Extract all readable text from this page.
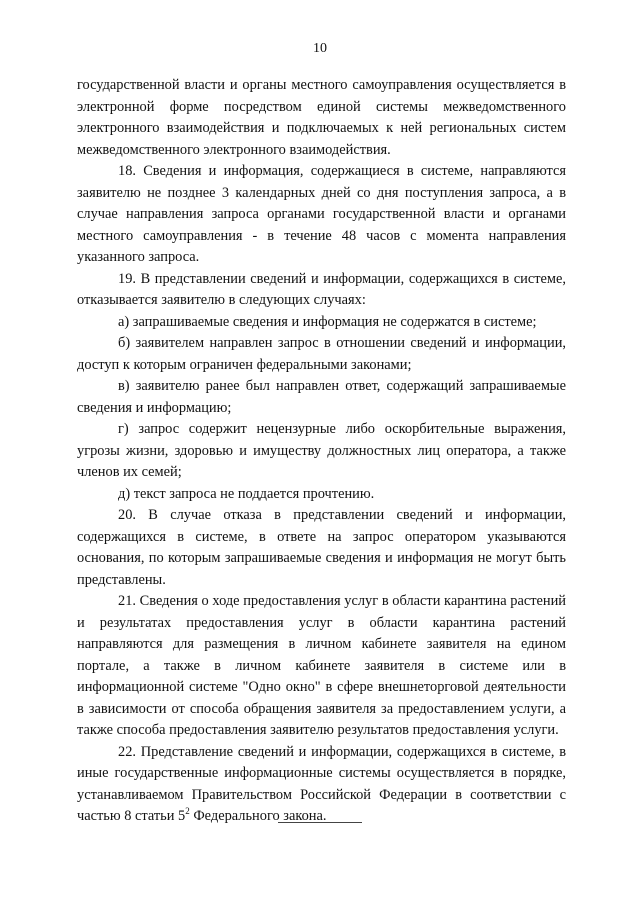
10

государственной власти и органы местного самоуправления осуществляется в электронной форме посредством единой системы межведомственного электронного взаимодействия и подключаемых к ней региональных систем межведомственного электронного взаимодействия.

18. Сведения и информация, содержащиеся в системе, направляются заявителю не позднее 3 календарных дней со дня поступления запроса, а в случае направления запроса органами государственной власти и органами местного самоуправления - в течение 48 часов с момента направления указанного запроса.

19. В представлении сведений и информации, содержащихся в системе, отказывается заявителю в следующих случаях:

а) запрашиваемые сведения и информация не содержатся в системе;

б) заявителем направлен запрос в отношении сведений и информации, доступ к которым ограничен федеральными законами;

в) заявителю ранее был направлен ответ, содержащий запрашиваемые сведения и информацию;

г) запрос содержит нецензурные либо оскорбительные выражения, угрозы жизни, здоровью и имуществу должностных лиц оператора, а также членов их семей;

д) текст запроса не поддается прочтению.

20. В случае отказа в представлении сведений и информации, содержащихся в системе, в ответе на запрос оператором указываются основания, по которым запрашиваемые сведения и информация не могут быть представлены.

21. Сведения о ходе предоставления услуг в области карантина растений и результатах предоставления услуг в области карантина растений направляются для размещения в личном кабинете заявителя на едином портале, а также в личном кабинете заявителя в системе или в информационной системе "Одно окно" в сфере внешнеторговой деятельности в зависимости от способа обращения заявителя за предоставлением услуги, а также способа предоставления заявителю результатов предоставления услуги.

22. Представление сведений и информации, содержащихся в системе, в иные государственные информационные системы осуществляется в порядке, устанавливаемом Правительством Российской Федерации в соответствии с частью 8 статьи $5^2$ Федерального закона.
